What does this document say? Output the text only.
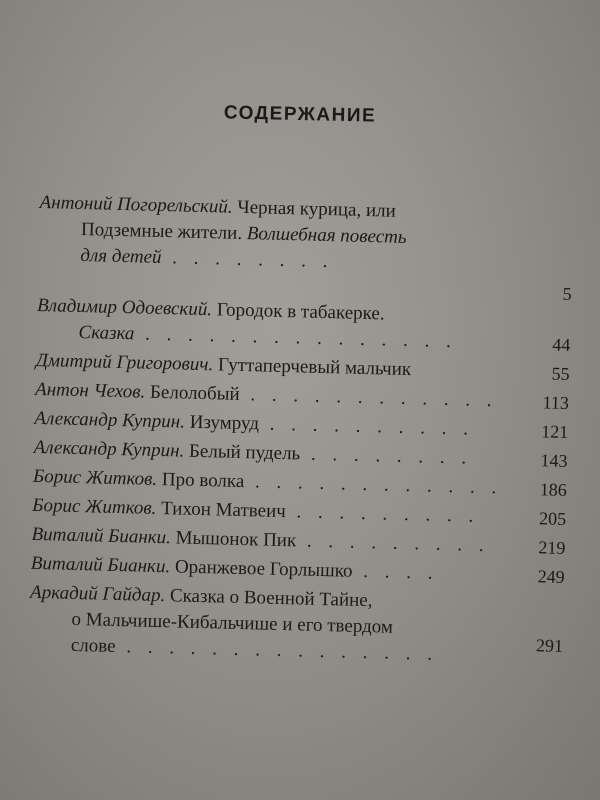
СОДЕРЖАНИЕ
Антоний Погорельский. Черная курица, или
Подземные жители. Волшебная повесть
для детей . . . . . . . .
5
Владимир Одоевский. Городок в табакерке.
Сказка . . . . . . . . . . . . . . .	44
Дмитрий Григорович. Гуттаперчевый мальчик	55
Антон Чехов. Белолобый . . . . . . . . . . . . 113
Александр Куприн. Изумруд . . . . . . . . . .	121
Александр Куприн. Белый пудель . . . . . . . .	143
Борис Житков. Про волка . . . . . . . . . . . . 186
Борис Житков. Тихон Матвеич . . . . . . . . .	205
Виталий Бианки. Мышонок Пик . . . . . . . . .	219
Виталий Бианки. Оранжевое Горлышко . . . .	249
Аркадий Гайдар. Сказка о Военной Тайне,
о Мальчише-Кибальчише и его твердом
слове . . . . . . . . . . . . . . .	291
